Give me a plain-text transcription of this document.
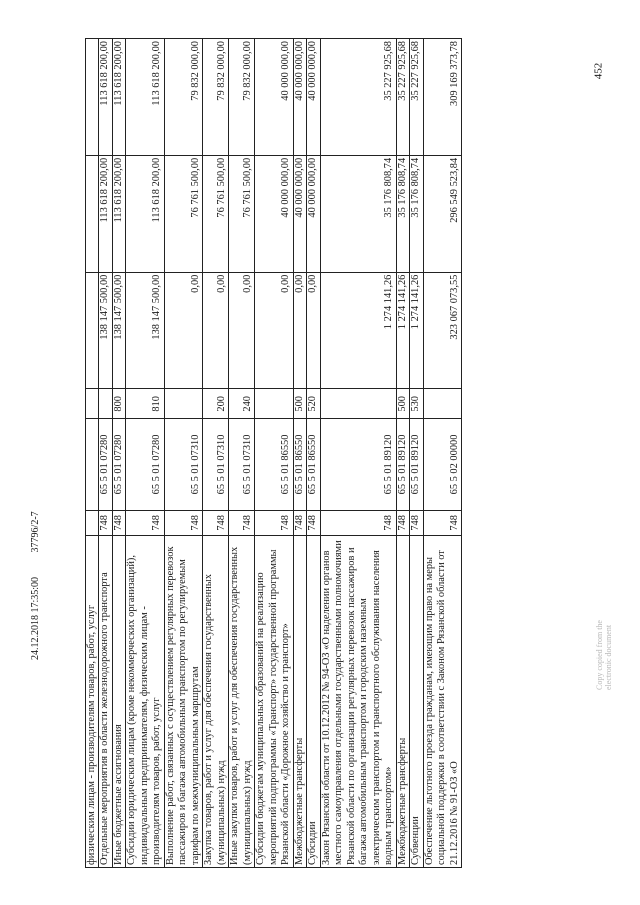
452
физическим лицам - производителям товаров, работ, услуг						
Отдельные мероприятия в области железнодорожного транспорта	748	65 5 01 07280		138 147 500,00	113 618 200,00	113 618 200,00
Иные бюджетные ассигнования	748	65 5 01 07280	800	138 147 500,00	113 618 200,00	113 618 200,00
Субсидии юридическим лицам (кроме некоммерческих организаций), индивидуальным предпринимателям, физическим лицам - производителям товаров, работ, услуг	748	65 5 01 07280	810	138 147 500,00	113 618 200,00	113 618 200,00
Выполнение работ, связанных с осуществлением регулярных перевозок пассажиров и багажа автомобильным транспортом по регулируемым тарифам по межмуниципальным маршрутам	748	65 5 01 07310		0,00	76 761 500,00	79 832 000,00
Закупка товаров, работ и услуг для обеспечения государственных (муниципальных) нужд	748	65 5 01 07310	200	0,00	76 761 500,00	79 832 000,00
Иные закупки товаров, работ и услуг для обеспечения государственных (муниципальных) нужд	748	65 5 01 07310	240	0,00	76 761 500,00	79 832 000,00
Субсидии бюджетам муниципальных образований на реализацию мероприятий подпрограммы «Транспорт» государственной программы Рязанской области «Дорожное хозяйство и транспорт»	748	65 5 01 86550		0,00	40 000 000,00	40 000 000,00
Межбюджетные трансферты	748	65 5 01 86550	500	0,00	40 000 000,00	40 000 000,00
Субсидии	748	65 5 01 86550	520	0,00	40 000 000,00	40 000 000,00
Закон Рязанской области от 10.12.2012 № 94-ОЗ «О наделении органов местного самоуправления отдельными государственными полномочиями Рязанской области по организации регулярных перевозок пассажиров и багажа автомобильным транспортом и городским наземным электрическим транспортом и транспортного обслуживания населения водным транспортом»	748	65 5 01 89120		1 274 141,26	35 176 808,74	35 227 925,68
Межбюджетные трансферты	748	65 5 01 89120	500	1 274 141,26	35 176 808,74	35 227 925,68
Субвенции	748	65 5 01 89120	530	1 274 141,26	35 176 808,74	35 227 925,68
Обеспечение льготного проезда гражданам, имеющим право на меры социальной поддержки в соответствии с Законом Рязанской области от 21.12.2016 № 91-ОЗ «О	748	65 5 02 00000		323 067 073,55	296 549 523,84	309 169 373,78
24.12.2018 17:35:00 37796/2-7
Copy copied from the electronic document
